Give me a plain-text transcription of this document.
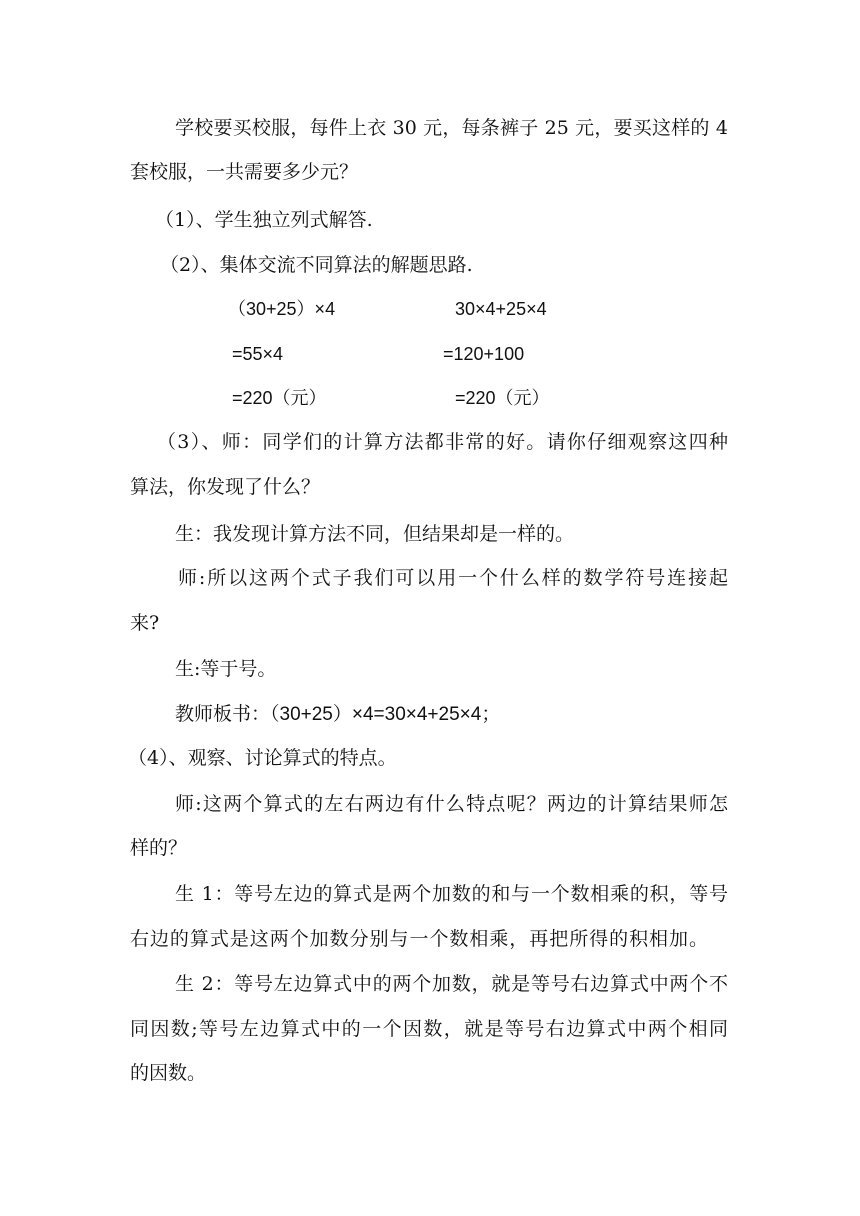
学校要买校服，每件上衣 30 元，每条裤子 25 元，要买这样的 4
套校服，一共需要多少元？
（1）、学生独立列式解答.
（2）、集体交流不同算法的解题思路.
（30+25）×4	30×4+25×4
=55×4	=120+100
=220（元）	=220（元）
（3）、师：同学们的计算方法都非常的好。请你仔细观察这四种
算法，你发现了什么？
生：我发现计算方法不同，但结果却是一样的。
师:所以这两个式子我们可以用一个什么样的数学符号连接起
来?
生:等于号。
教师板书：（30+25）×4=30×4+25×4；
（4）、观察、讨论算式的特点。
师:这两个算式的左右两边有什么特点呢？两边的计算结果师怎
样的？
生 1：等号左边的算式是两个加数的和与一个数相乘的积，等号
右边的算式是这两个加数分别与一个数相乘，再把所得的积相加。
生 2：等号左边算式中的两个加数，就是等号右边算式中两个不
同因数;等号左边算式中的一个因数，就是等号右边算式中两个相同
的因数。
